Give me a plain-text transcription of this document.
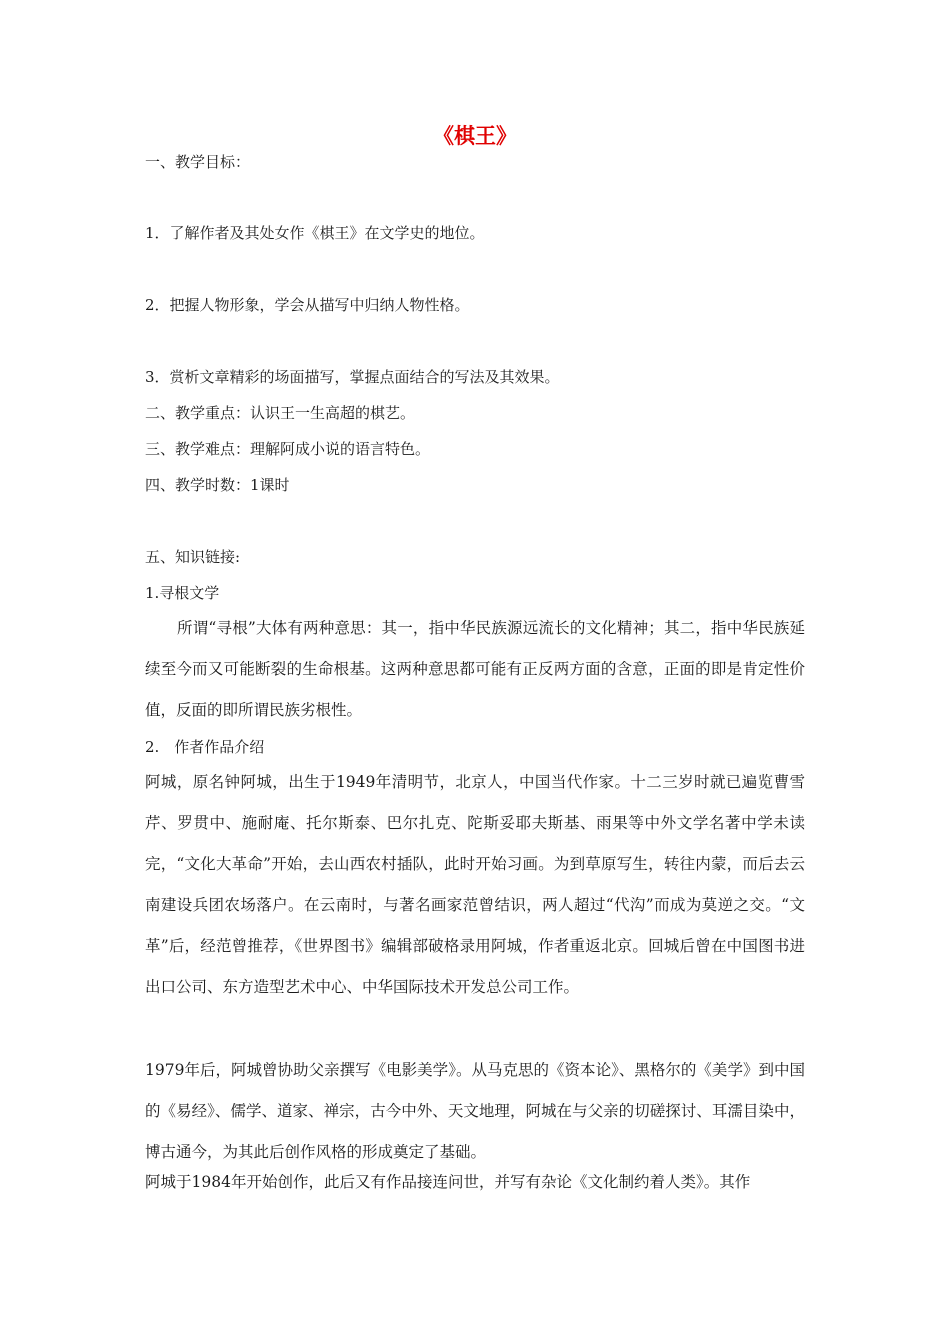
《棋王》

一、教学目标：

1．了解作者及其处女作《棋王》在文学史的地位。

2．把握人物形象，学会从描写中归纳人物性格。

3．赏析文章精彩的场面描写，掌握点面结合的写法及其效果。

二、教学重点：认识王一生高超的棋艺。

三、教学难点：理解阿成小说的语言特色。

四、教学时数：1课时

五、知识链接:

1.寻根文学

所谓“寻根”大体有两种意思：其一，指中华民族源远流长的文化精神；其二，指中华民族延续至今而又可能断裂的生命根基。这两种意思都可能有正反两方面的含意，正面的即是肯定性价值，反面的即所谓民族劣根性。

2.　作者作品介绍

阿城，原名钟阿城，出生于1949年清明节，北京人，中国当代作家。十二三岁时就已遍览曹雪芹、罗贯中、施耐庵、托尔斯泰、巴尔扎克、陀斯妥耶夫斯基、雨果等中外文学名著中学未读完，“文化大革命”开始，去山西农村插队，此时开始习画。为到草原写生，转往内蒙，而后去云南建设兵团农场落户。在云南时，与著名画家范曾结识，两人超过“代沟”而成为莫逆之交。“文革”后，经范曾推荐，《世界图书》编辑部破格录用阿城，作者重返北京。回城后曾在中国图书进出口公司、东方造型艺术中心、中华国际技术开发总公司工作。

1979年后，阿城曾协助父亲撰写《电影美学》。从马克思的《资本论》、黑格尔的《美学》到中国的《易经》、儒学、道家、禅宗，古今中外、天文地理，阿城在与父亲的切磋探讨、耳濡目染中，博古通今，为其此后创作风格的形成奠定了基础。

阿城于1984年开始创作，此后又有作品接连问世，并写有杂论《文化制约着人类》。其作
